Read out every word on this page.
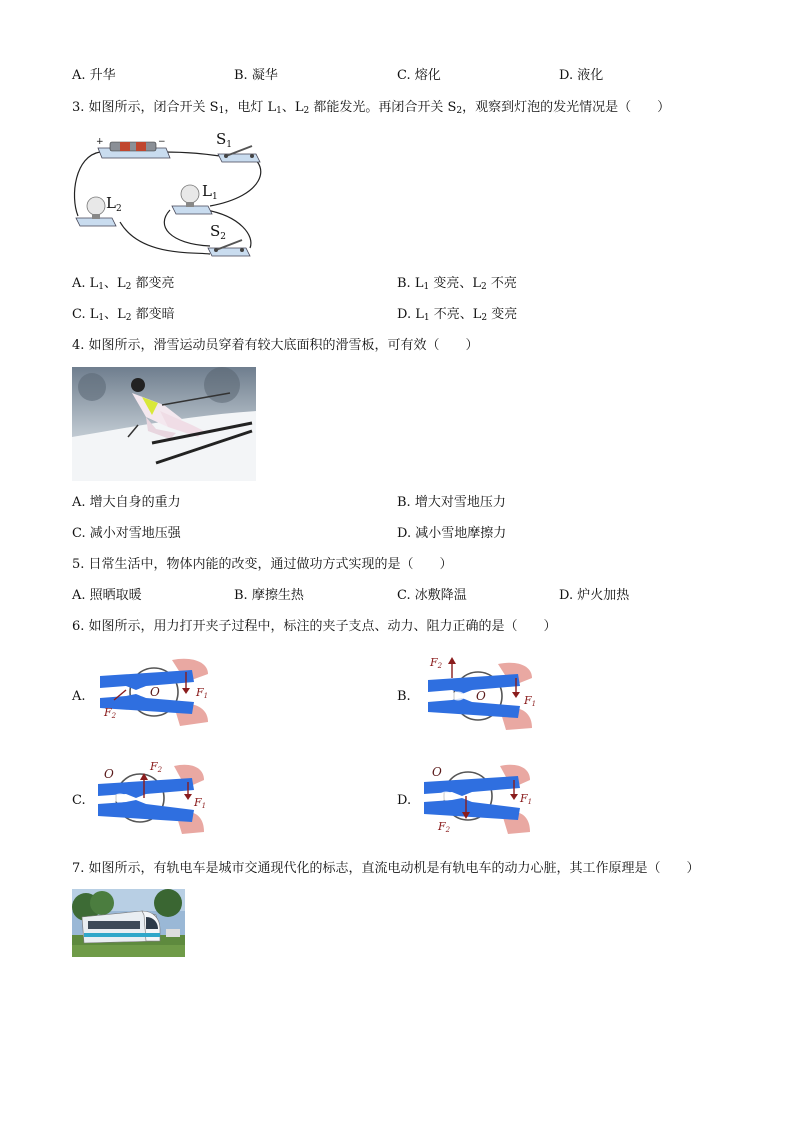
A. 升华	B. 凝华	C. 熔化	D. 液化
3. 如图所示，闭合开关 $S_1$，电灯 $L_1$、$L_2$ 都能发光。再闭合开关 $S_2$，观察到灯泡的发光情况是（　　）
+	−	$S_1$
$L_1$
$L_2$
$S_2$
A. $L_1$、$L_2$ 都变亮	B. $L_1$ 变亮、$L_2$ 不亮
C. $L_1$、$L_2$ 都变暗	D. $L_1$ 不亮、$L_2$ 变亮
4. 如图所示，滑雪运动员穿着有较大底面积的滑雪板，可有效（　　）
A. 增大自身的重力	B. 增大对雪地压力
C. 减小对雪地压强	D. 减小雪地摩擦力
5. 日常生活中，物体内能的改变，通过做功方式实现的是（　　）
A. 照晒取暖	B. 摩擦生热	C. 冰敷降温	D. 炉火加热
6. 如图所示，用力打开夹子过程中，标注的夹子支点、动力、阻力正确的是（　　）
A.	B.
C.	D.
O	F1
F2
O
F2
F1
O
F2
F1
O
F2
F1
7. 如图所示，有轨电车是城市交通现代化的标志，直流电动机是有轨电车的动力心脏，其工作原理是（　　）
